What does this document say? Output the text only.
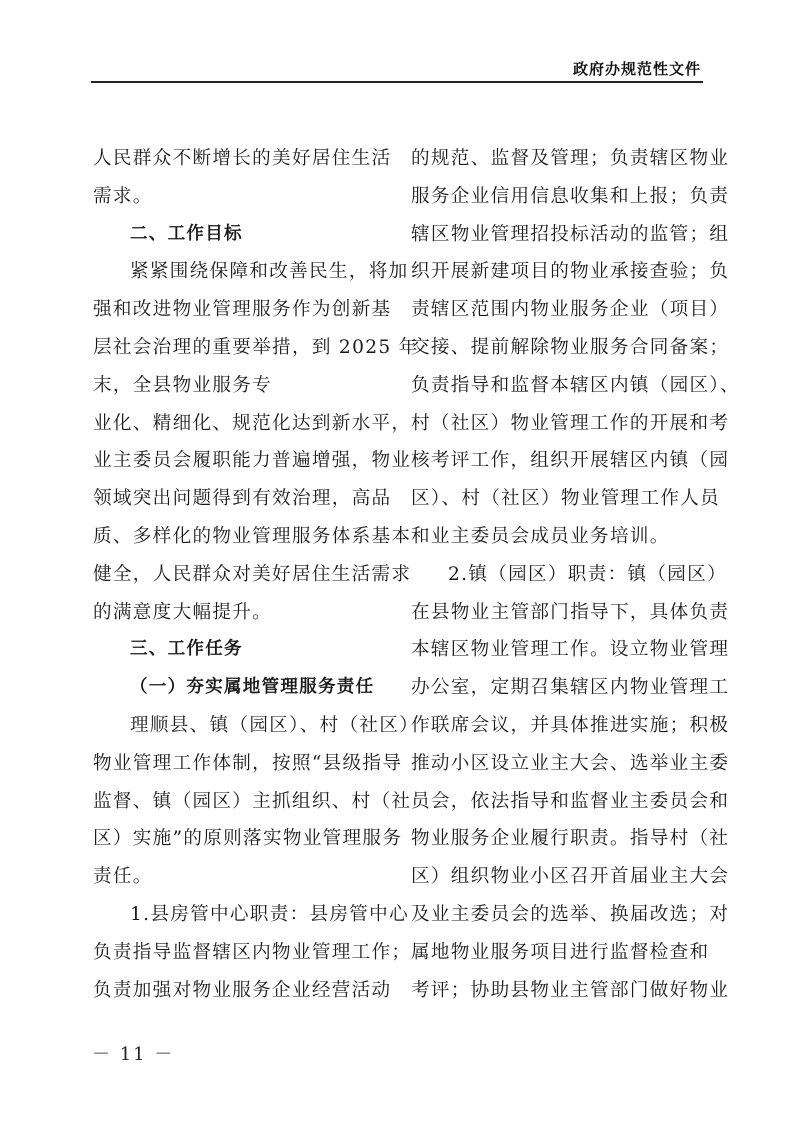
政府办规范性文件
人民群众不断增长的美好居住生活
需求。
二、工作目标
紧紧围绕保障和改善民生，将加
强和改进物业管理服务作为创新基
层社会治理的重要举措，到 2025 年
末，全县物业服务专
业化、精细化、规范化达到新水平，
业主委员会履职能力普遍增强，物业
领域突出问题得到有效治理，高品
质、多样化的物业管理服务体系基本
健全，人民群众对美好居住生活需求
的满意度大幅提升。
三、工作任务
（一）夯实属地管理服务责任
理顺县、镇（园区）、村（社区）
物业管理工作体制，按照“县级指导
监督、镇（园区）主抓组织、村（社
区）实施”的原则落实物业管理服务
责任。
1.县房管中心职责：县房管中心
负责指导监督辖区内物业管理工作；
负责加强对物业服务企业经营活动
的规范、监督及管理；负责辖区物业
服务企业信用信息收集和上报；负责
辖区物业管理招投标活动的监管；组
织开展新建项目的物业承接查验；负
责辖区范围内物业服务企业（项目）
交接、提前解除物业服务合同备案；
负责指导和监督本辖区内镇（园区）、
村（社区）物业管理工作的开展和考
核考评工作，组织开展辖区内镇（园
区）、村（社区）物业管理工作人员
和业主委员会成员业务培训。
2.镇（园区）职责：镇（园区）
在县物业主管部门指导下，具体负责
本辖区物业管理工作。设立物业管理
办公室，定期召集辖区内物业管理工
作联席会议，并具体推进实施；积极
推动小区设立业主大会、选举业主委
员会，依法指导和监督业主委员会和
物业服务企业履行职责。指导村（社
区）组织物业小区召开首届业主大会
及业主委员会的选举、换届改选；对
属地物业服务项目进行监督检查和
考评；协助县物业主管部门做好物业
－ 11 －
